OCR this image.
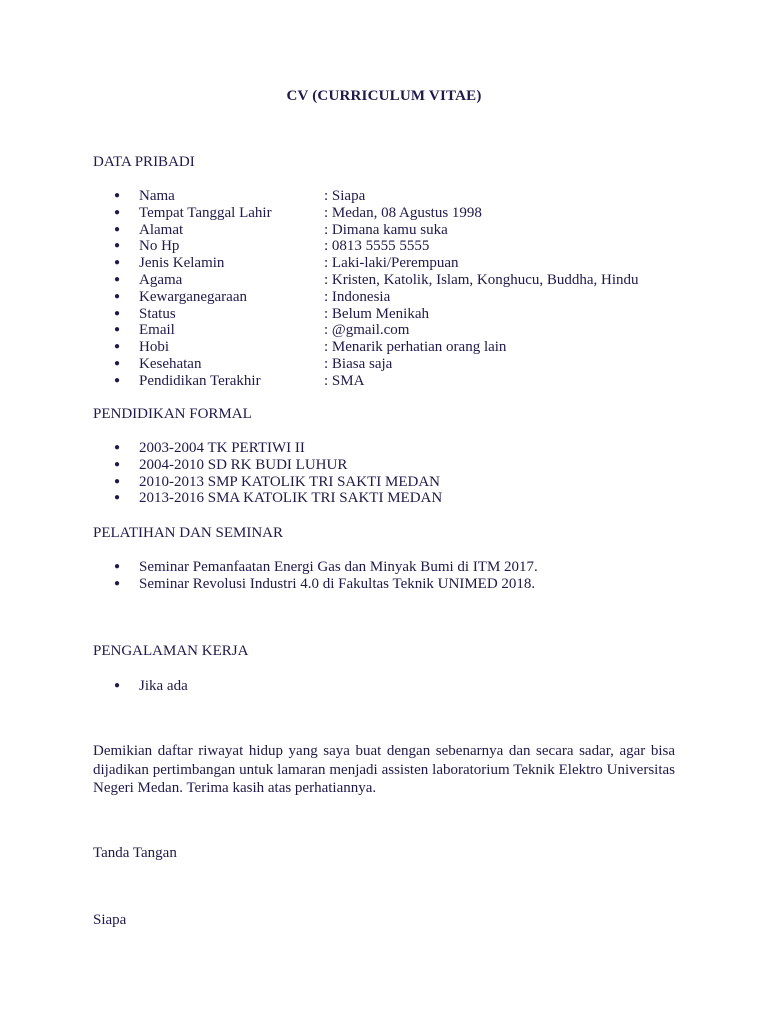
CV (CURRICULUM VITAE)
DATA PRIBADI
● Nama	: Siapa
● Tempat Tanggal Lahir	: Medan, 08 Agustus 1998
● Alamat	: Dimana kamu suka
● No Hp	: 0813 5555 5555
● Jenis Kelamin	: Laki-laki/Perempuan
● Agama	: Kristen, Katolik, Islam, Konghucu, Buddha, Hindu
● Kewarganegaraan	: Indonesia
● Status	: Belum Menikah
● Email	: @gmail.com
● Hobi	: Menarik perhatian orang lain
● Kesehatan	: Biasa saja
● Pendidikan Terakhir	: SMA
PENDIDIKAN FORMAL
● 2003-2004 TK PERTIWI II
● 2004-2010 SD RK BUDI LUHUR
● 2010-2013 SMP KATOLIK TRI SAKTI MEDAN
● 2013-2016 SMA KATOLIK TRI SAKTI MEDAN
PELATIHAN DAN SEMINAR
● Seminar Pemanfaatan Energi Gas dan Minyak Bumi di ITM 2017.
● Seminar Revolusi Industri 4.0 di Fakultas Teknik UNIMED 2018.
PENGALAMAN KERJA
● Jika ada
Demikian daftar riwayat hidup yang saya buat dengan sebenarnya dan secara sadar, agar bisa dijadikan pertimbangan untuk lamaran menjadi assisten laboratorium Teknik Elektro Universitas Negeri Medan. Terima kasih atas perhatiannya.
Tanda Tangan
Siapa
